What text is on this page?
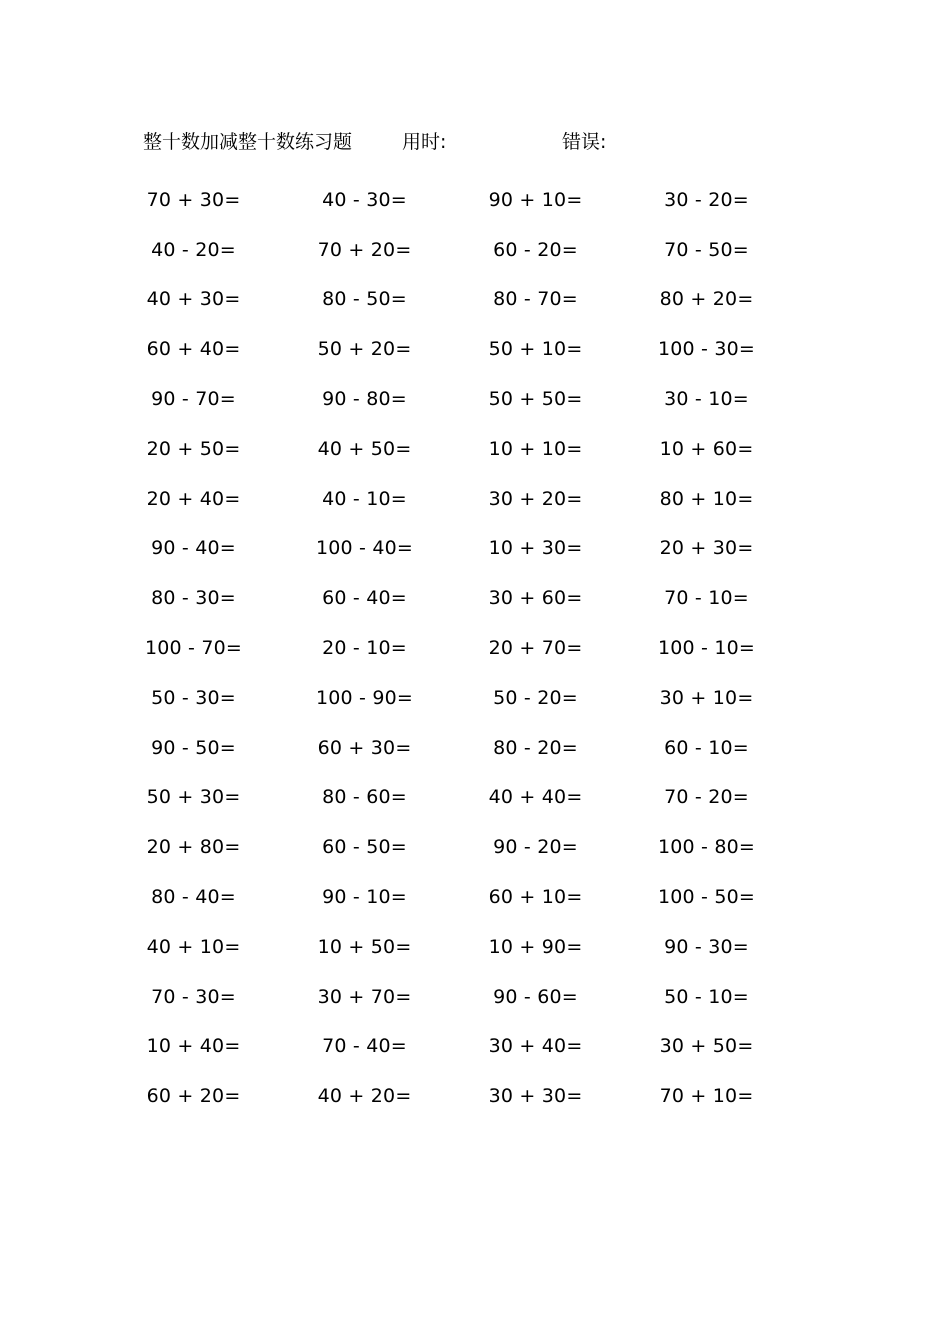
整十数加减整十数练习题	用时:	错误:
70 + 30=	40 - 30=	90 + 10=	30 - 20=
40 - 20=	70 + 20=	60 - 20=	70 - 50=
40 + 30=	80 - 50=	80 - 70=	80 + 20=
60 + 40=	50 + 20=	50 + 10=	100 - 30=
90 - 70=	90 - 80=	50 + 50=	30 - 10=
20 + 50=	40 + 50=	10 + 10=	10 + 60=
20 + 40=	40 - 10=	30 + 20=	80 + 10=
90 - 40=	100 - 40=	10 + 30=	20 + 30=
80 - 30=	60 - 40=	30 + 60=	70 - 10=
100 - 70=	20 - 10=	20 + 70=	100 - 10=
50 - 30=	100 - 90=	50 - 20=	30 + 10=
90 - 50=	60 + 30=	80 - 20=	60 - 10=
50 + 30=	80 - 60=	40 + 40=	70 - 20=
20 + 80=	60 - 50=	90 - 20=	100 - 80=
80 - 40=	90 - 10=	60 + 10=	100 - 50=
40 + 10=	10 + 50=	10 + 90=	90 - 30=
70 - 30=	30 + 70=	90 - 60=	50 - 10=
10 + 40=	70 - 40=	30 + 40=	30 + 50=
60 + 20=	40 + 20=	30 + 30=	70 + 10=
